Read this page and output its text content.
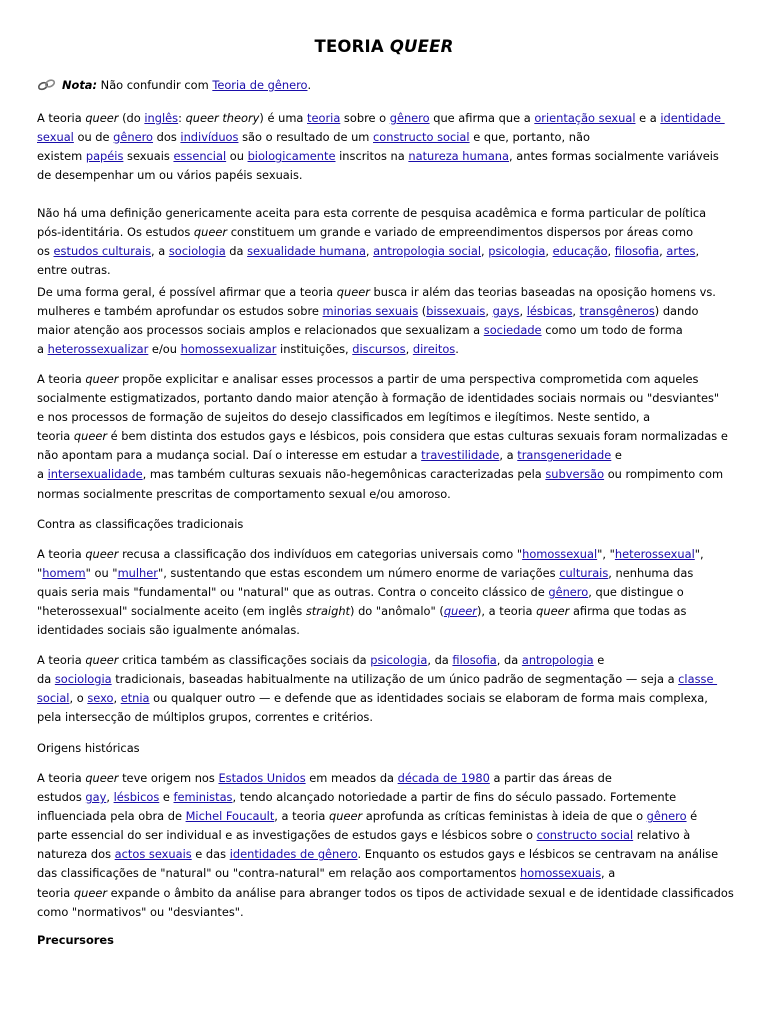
TEORIA QUEER
Nota: Não confundir com Teoria de gênero .
A teoria queer (do inglês: queer theory) é uma teoria sobre o gênero que afirma que a orientação sexual e a identidade
sexual ou de gênero dos indivíduos são o resultado de um constructo social e que, portanto, não
existem papéis sexuais essencial ou biologicamente inscritos na natureza humana, antes formas socialmente variáveis
de desempenhar um ou vários papéis sexuais.
Não há uma definição genericamente aceita para esta corrente de pesquisa acadêmica e forma particular de política
pós-identitária. Os estudos queer constituem um grande e variado de empreendimentos dispersos por áreas como
os estudos culturais, a sociologia da sexualidade humana, antropologia social, psicologia, educação, filosofia, artes,
entre outras.
De uma forma geral, é possível afirmar que a teoria queer busca ir além das teorias baseadas na oposição homens vs.
mulheres e também aprofundar os estudos sobre minorias sexuais (bissexuais, gays, lésbicas, transgêneros) dando
maior atenção aos processos sociais amplos e relacionados que sexualizam a sociedade como um todo de forma
a heterossexualizar e/ou homossexualizar instituições, discursos, direitos.
A teoria queer propõe explicitar e analisar esses processos a partir de uma perspectiva comprometida com aqueles
socialmente estigmatizados, portanto dando maior atenção à formação de identidades sociais normais ou "desviantes"
e nos processos de formação de sujeitos do desejo classificados em legítimos e ilegítimos. Neste sentido, a
teoria queer é bem distinta dos estudos gays e lésbicos, pois considera que estas culturas sexuais foram normalizadas e
não apontam para a mudança social. Daí o interesse em estudar a travestilidade, a transgeneridade e
a intersexualidade, mas também culturas sexuais não-hegemônicas caracterizadas pela subversão ou rompimento com
normas socialmente prescritas de comportamento sexual e/ou amoroso.
Contra as classificações tradicionais
A teoria queer recusa a classificação dos indivíduos em categorias universais como "homossexual", "heterossexual",
"homem" ou "mulher", sustentando que estas escondem um número enorme de variações culturais, nenhuma das
quais seria mais "fundamental" ou "natural" que as outras. Contra o conceito clássico de gênero, que distingue o
"heterossexual" socialmente aceito (em inglês straight) do "anômalo" (queer), a teoria queer afirma que todas as
identidades sociais são igualmente anómalas.
A teoria queer critica também as classificações sociais da psicologia, da filosofia, da antropologia e
da sociologia tradicionais, baseadas habitualmente na utilização de um único padrão de segmentação — seja a classe
social, o sexo, etnia ou qualquer outro — e defende que as identidades sociais se elaboram de forma mais complexa,
pela intersecção de múltiplos grupos, correntes e critérios.
Origens históricas
A teoria queer teve origem nos Estados Unidos em meados da década de 1980 a partir das áreas de
estudos gay, lésbicos e feministas, tendo alcançado notoriedade a partir de fins do século passado. Fortemente
influenciada pela obra de Michel Foucault, a teoria queer aprofunda as críticas feministas à ideia de que o gênero é
parte essencial do ser individual e as investigações de estudos gays e lésbicos sobre o constructo social relativo à
natureza dos actos sexuais e das identidades de gênero. Enquanto os estudos gays e lésbicos se centravam na análise
das classificações de "natural" ou "contra-natural" em relação aos comportamentos homossexuais, a
teoria queer expande o âmbito da análise para abranger todos os tipos de actividade sexual e de identidade classificados
como "normativos" ou "desviantes".
Precursores
